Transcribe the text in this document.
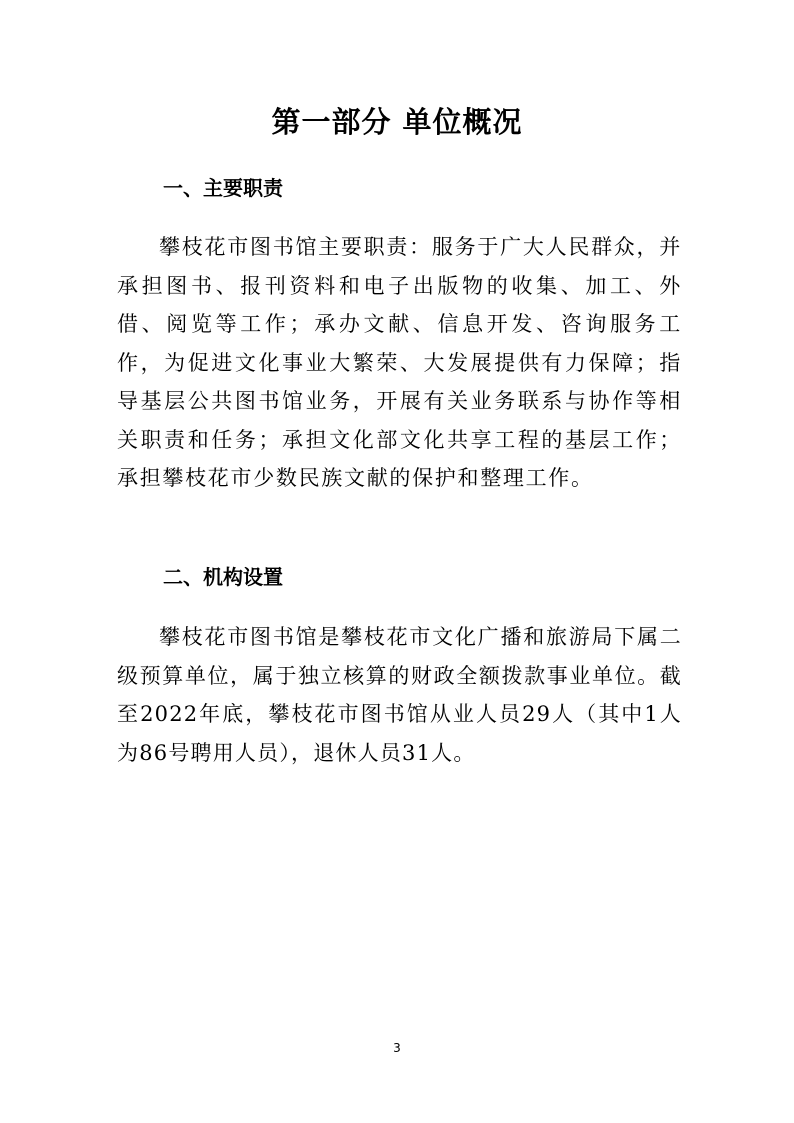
第一部分 单位概况
一、主要职责

攀枝花市图书馆主要职责：服务于广大人民群众，并承担图书、报刊资料和电子出版物的收集、加工、外借、阅览等工作；承办文献、信息开发、咨询服务工作，为促进文化事业大繁荣、大发展提供有力保障；指导基层公共图书馆业务，开展有关业务联系与协作等相关职责和任务；承担文化部文化共享工程的基层工作；承担攀枝花市少数民族文献的保护和整理工作。

二、机构设置

攀枝花市图书馆是攀枝花市文化广播和旅游局下属二级预算单位，属于独立核算的财政全额拨款事业单位。截至2022年底，攀枝花市图书馆从业人员29人（其中1人为86号聘用人员），退休人员31人。

3
